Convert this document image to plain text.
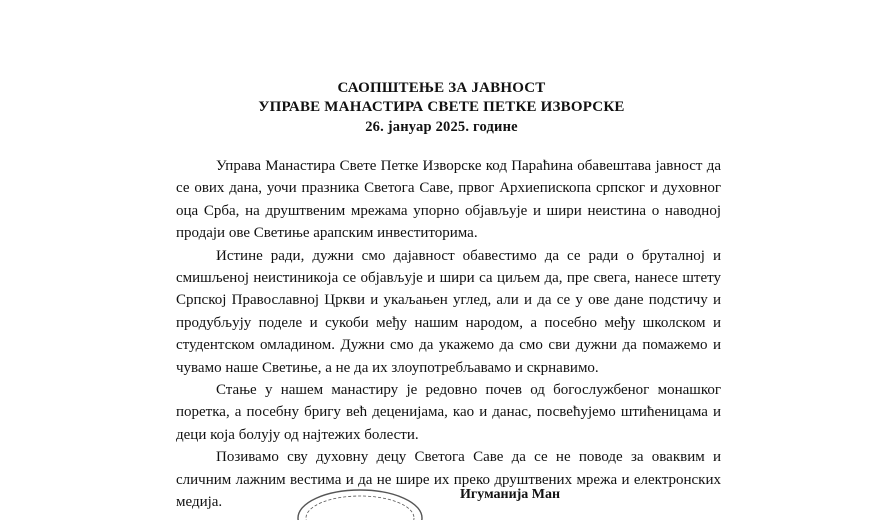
САОПШТЕЊЕ ЗА ЈАВНОСТ
УПРАВЕ МАНАСТИРА СВЕТЕ ПЕТКЕ ИЗВОРСКЕ
26. јануар 2025. године

Управа Манастира Свете Петке Изворске код Параћина обавештава јавност да се ових дана, уочи празника Светога Саве, првог Архиепископа српског и духовног оца Срба, на друштвеним мрежама упорно објављује и шири неистина о наводној продаји ове Светиње арапским инвеститорима.

Истине ради, дужни смо дајавност обавестимо да се ради о бруталној и смишљеној неистиникоја се објављује и шири са циљем да, пре свега, нанесе штету Српској Православној Цркви и укаљањен углед, али и да се у ове дане подстичу и продубљују поделе и сукоби међу нашим народом, а посебно међу школском и студентском омладином. Дужни смо да укажемо да смо сви дужни да помажемо и чувамо наше Светиње, а не да их злоупотребљавамо и скрнавимо.

Стање у нашем манастиру је редовно почев од богослужбеног монашког поретка, а посебну бригу већ деценијама, као и данас, посвећујемо штићеницама и деци која болују од најтежих болести.

Позивамо сву духовну децу Светога Саве да се не поводе за оваквим и сличним лажним вестима и да не шире их преко друштвених мрежа и електронских медија.	Игуманија Ман
